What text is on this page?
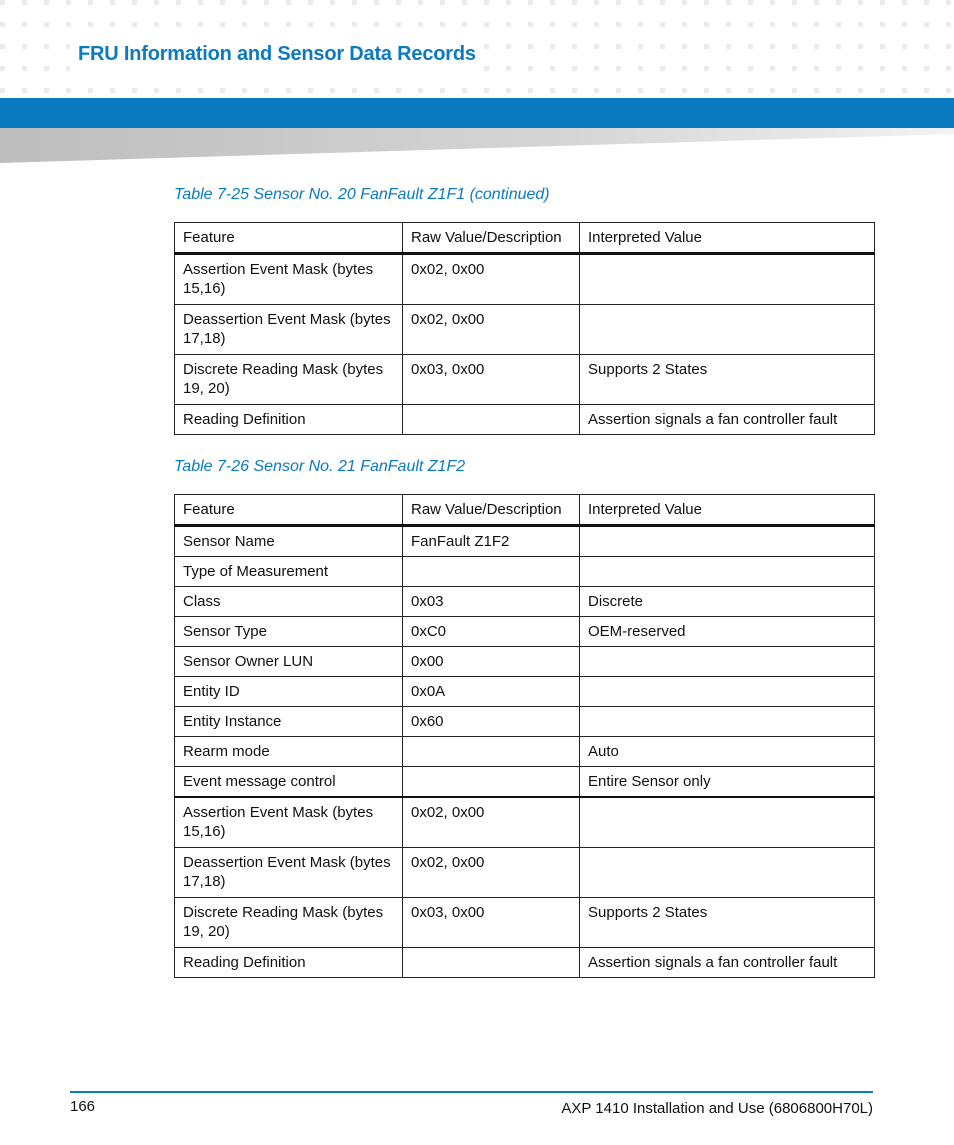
FRU Information and Sensor Data Records
Table 7-25 Sensor No. 20 FanFault Z1F1 (continued)
Feature	Raw Value/Description	Interpreted Value
Assertion Event Mask (bytes 15,16)	0x02, 0x00	
Deassertion Event Mask (bytes 17,18)	0x02, 0x00	
Discrete Reading Mask (bytes 19, 20)	0x03, 0x00	Supports 2 States
Reading Definition		Assertion signals a fan controller fault
Table 7-26 Sensor No. 21 FanFault Z1F2
Feature	Raw Value/Description	Interpreted Value
Sensor Name	FanFault Z1F2	
Type of Measurement		
Class	0x03	Discrete
Sensor Type	0xC0	OEM-reserved
Sensor Owner LUN	0x00	
Entity ID	0x0A	
Entity Instance	0x60	
Rearm mode		Auto
Event message control		Entire Sensor only
Assertion Event Mask (bytes 15,16)	0x02, 0x00	
Deassertion Event Mask (bytes 17,18)	0x02, 0x00	
Discrete Reading Mask (bytes 19, 20)	0x03, 0x00	Supports 2 States
Reading Definition		Assertion signals a fan controller fault
166	AXP 1410 Installation and Use (6806800H70L)
